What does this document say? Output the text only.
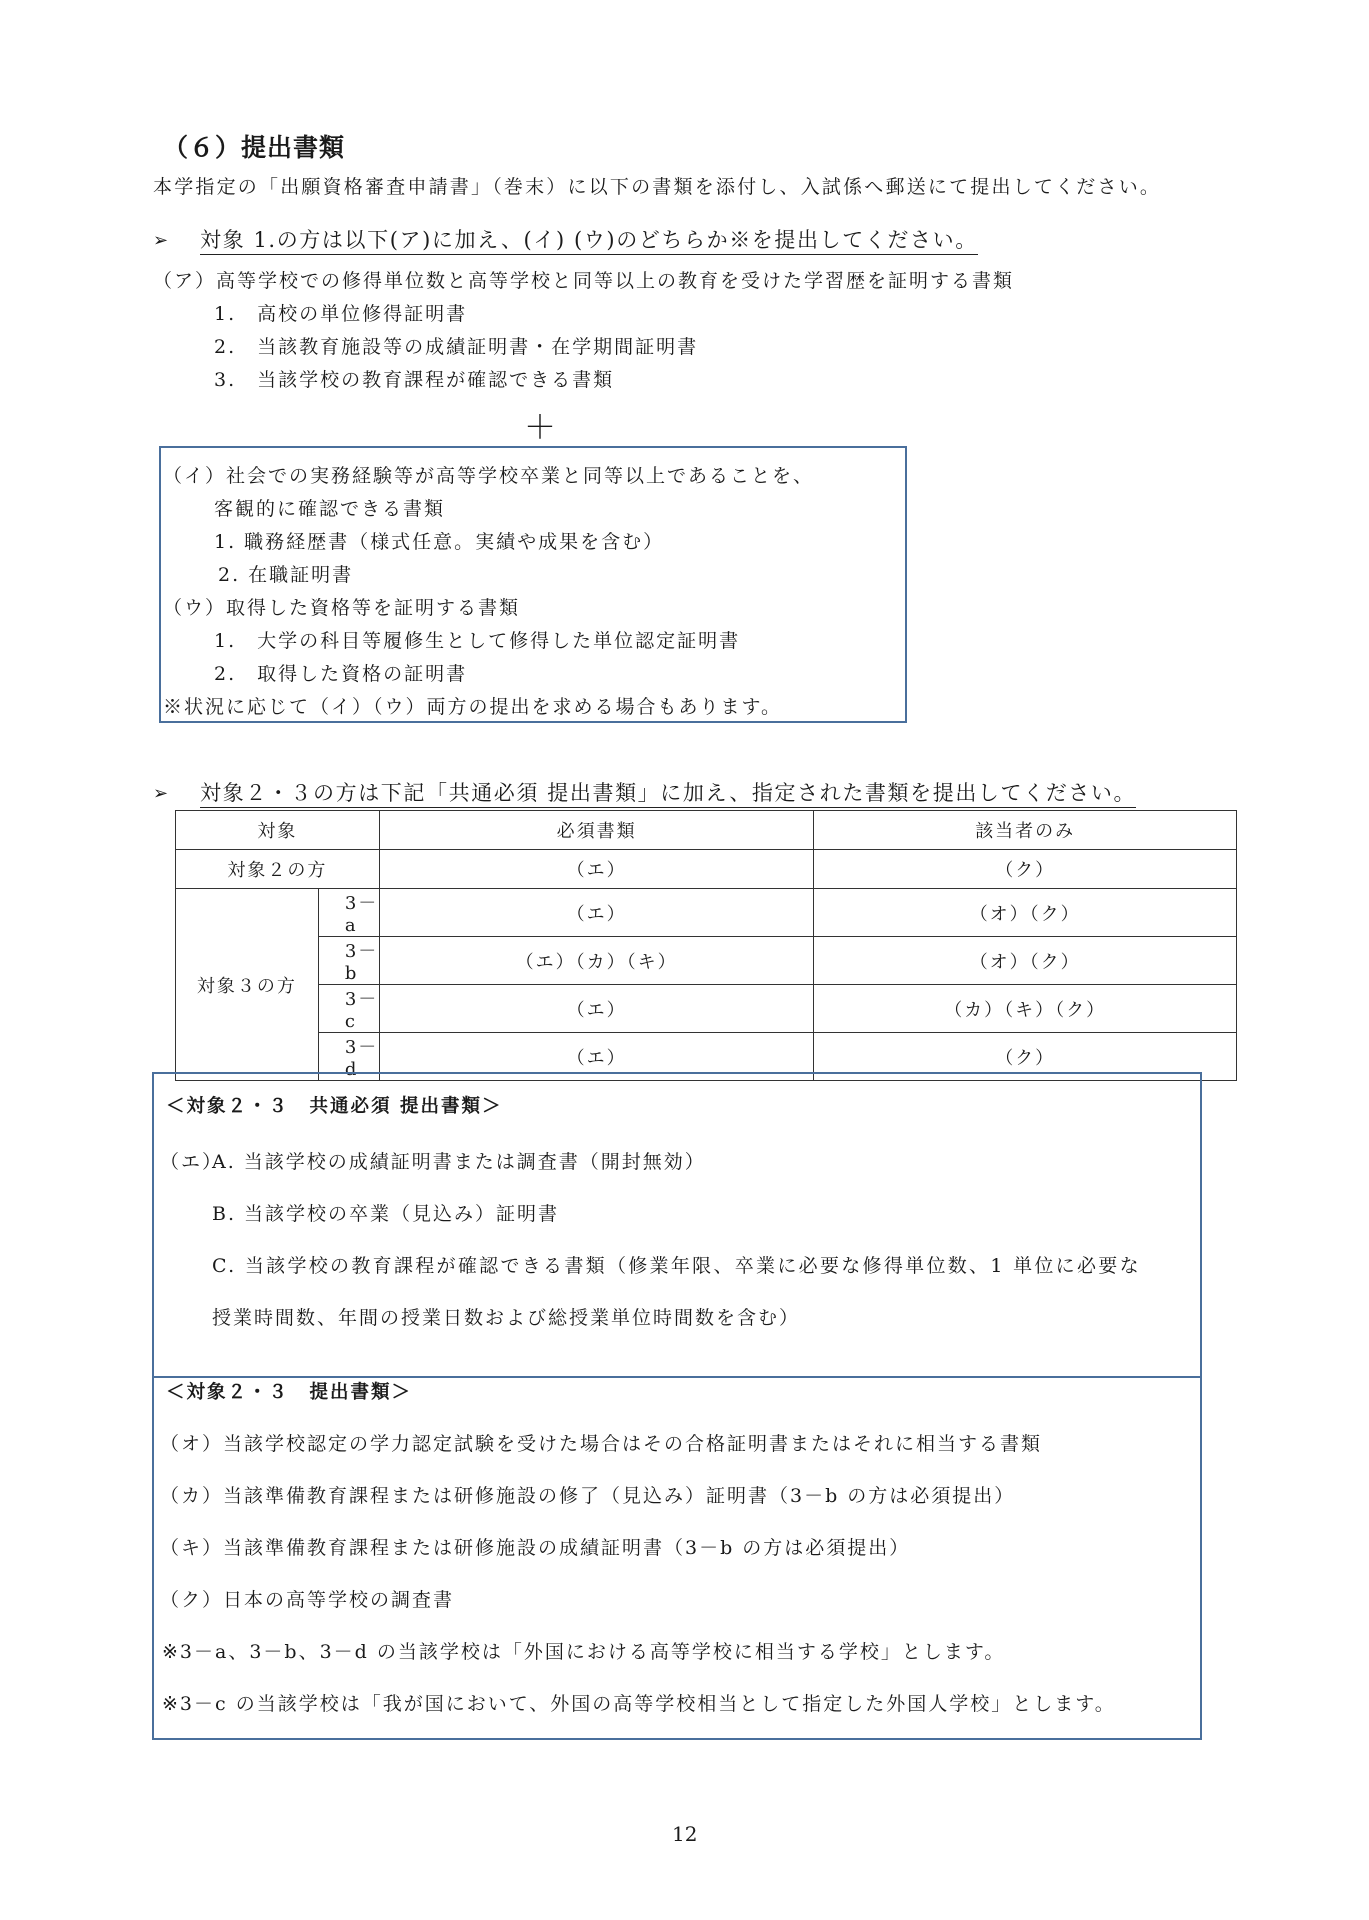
（６）提出書類
本学指定の「出願資格審査申請書」（巻末）に以下の書類を添付し、入試係へ郵送にて提出してください。
➢ 対象 1.の方は以下(ア)に加え、(イ) (ウ)のどちらか※を提出してください。
（ア）高等学校での修得単位数と高等学校と同等以上の教育を受けた学習歴を証明する書類
1.　高校の単位修得証明書
2.　当該教育施設等の成績証明書・在学期間証明書
3.　当該学校の教育課程が確認できる書類
＋
（イ）社会での実務経験等が高等学校卒業と同等以上であることを、
客観的に確認できる書類
1. 職務経歴書（様式任意。実績や成果を含む）
2. 在職証明書
（ウ）取得した資格等を証明する書類
1.　大学の科目等履修生として修得した単位認定証明書
2.　取得した資格の証明書
※状況に応じて（イ）（ウ）両方の提出を求める場合もあります。
➢ 対象２・３の方は下記「共通必須 提出書類」に加え、指定された書類を提出してください。
対象		必須書類	該当者のみ
対象２の方		（エ）	（ク）
対象３の方	3－a	（エ）	（オ）（ク）
	3－b	（エ）（カ）（キ）	（オ）（ク）
	3－c	（エ）	（カ）（キ）（ク）
	3－d	（エ）	（ク）
＜対象２・３　共通必須 提出書類＞
（エ）
A. 当該学校の成績証明書または調査書（開封無効）
B. 当該学校の卒業（見込み）証明書
C. 当該学校の教育課程が確認できる書類（修業年限、卒業に必要な修得単位数、1 単位に必要な
授業時間数、年間の授業日数および総授業単位時間数を含む）
＜対象２・３　提出書類＞
（オ）当該学校認定の学力認定試験を受けた場合はその合格証明書またはそれに相当する書類
（カ）当該準備教育課程または研修施設の修了（見込み）証明書（3－b の方は必須提出）
（キ）当該準備教育課程または研修施設の成績証明書（3－b の方は必須提出）
（ク）日本の高等学校の調査書
※3－a、3－b、3－d の当該学校は「外国における高等学校に相当する学校」とします。
※3－c の当該学校は「我が国において、外国の高等学校相当として指定した外国人学校」とします。
12
